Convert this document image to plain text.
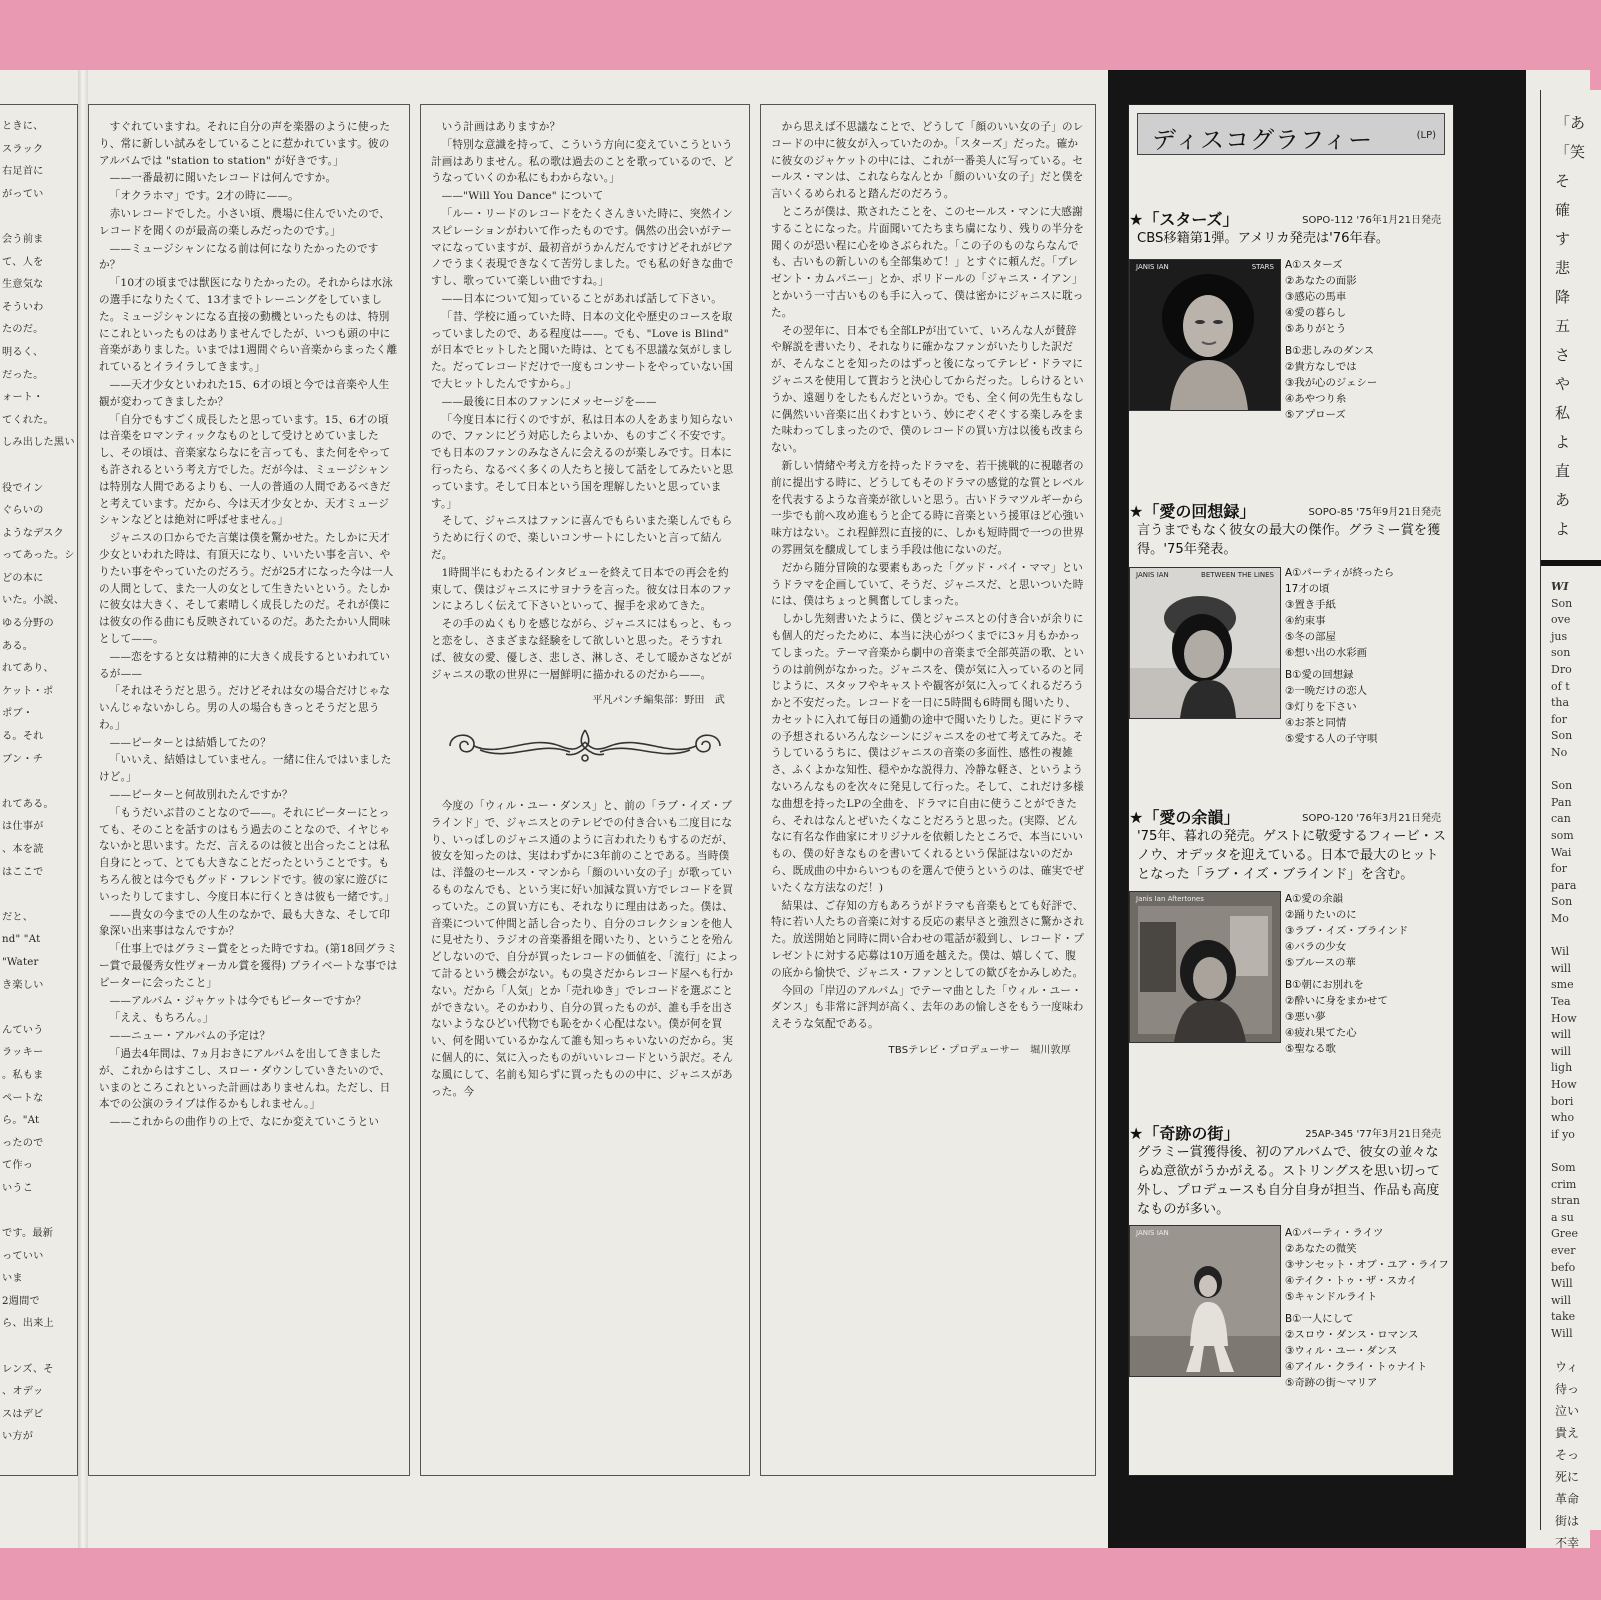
ときに、
スラック
右足首に
がってい
会う前ま
て、人を
生意気な
そういわ
たのだ。
明るく、
だった。
ォート・
てくれた。
しみ出した黒い
役でイン
ぐらいの
ようなデスク
ってあった。シ
どの本に
いた。小説、
ゆる分野の
ある。
れてあり、
ケット・ポ
ポブ・
る。それ
ブン・チ
れてある。
は仕事が
、本を読
はここで
だと、
nd" "At
"Water
き楽しい
んていう
ラッキー
。私もま
ペートな
ら。"At
ったので
て作っ
いうこ
です。最新
っていい
いま
2週間で
ら、出来上
レンズ、そ
、オデッ
スはデビ
い方が

すぐれていますね。それに自分の声を楽器のように使ったり、常に新しい試みをしていることに惹かれています。彼のアルバムでは "station to station" が好きです。」

——一番最初に聞いたレコードは何んですか。

「オクラホマ」です。2才の時に——。

赤いレコードでした。小さい頃、農場に住んでいたので、レコードを聞くのが最高の楽しみだったのです。」

——ミュージシャンになる前は何になりたかったのですか？

「10才の頃までは獣医になりたかったの。それからは水泳の選手になりたくて、13才までトレーニングをしていました。ミュージシャンになる直接の動機といったものは、特別にこれといったものはありませんでしたが、いつも頭の中に音楽がありました。いまでは1週間ぐらい音楽からまったく離れているとイライラしてきます。」

——天才少女といわれた15、6才の頃と今では音楽や人生観が変わってきましたか？

「自分でもすごく成長したと思っています。15、6才の頃は音楽をロマンティックなものとして受けとめていましたし、その頃は、音楽家ならなにを言っても、また何をやっても許されるという考え方でした。だが今は、ミュージシャンは特別な人間であるよりも、一人の普通の人間であるべきだと考えています。だから、今は天才少女とか、天才ミュージシャンなどとは絶対に呼ばせません。」

ジャニスの口からでた言葉は僕を驚かせた。たしかに天才少女といわれた時は、有頂天になり、いいたい事を言い、やりたい事をやっていたのだろう。だが25才になった今は一人の人間として、また一人の女として生きたいという。たしかに彼女は大きく、そして素晴しく成長したのだ。それが僕には彼女の作る曲にも反映されているのだ。あたたかい人間味として——。

——恋をすると女は精神的に大きく成長するといわれているが——

「それはそうだと思う。だけどそれは女の場合だけじゃないんじゃないかしら。男の人の場合もきっとそうだと思うわ。」

——ピーターとは結婚してたの？

「いいえ、結婚はしていません。一緒に住んではいましたけど。」

——ピーターと何故別れたんですか？

「もうだいぶ昔のことなので——。それにピーターにとっても、そのことを話すのはもう過去のことなので、イヤじゃないかと思います。ただ、言えるのは彼と出合ったことは私自身にとって、とても大きなことだったということです。もちろん彼とは今でもグッド・フレンドです。彼の家に遊びにいったりしてますし、今度日本に行くときは彼も一緒です。」

——貴女の今までの人生のなかで、最も大きな、そして印象深い出来事はなんですか？

「仕事上ではグラミー賞をとった時ですね。(第18回グラミー賞で最優秀女性ヴォーカル賞を獲得) プライベートな事ではピーターに会ったこと」

——アルバム・ジャケットは今でもピーターですか？

「ええ、もちろん。」

——ニュー・アルバムの予定は？

「過去4年間は、7ヵ月おきにアルバムを出してきましたが、これからはすこし、スロー・ダウンしていきたいので、いまのところこれといった計画はありませんね。ただし、日本での公演のライブは作るかもしれません。」

——これからの曲作りの上で、なにか変えていこうとい

いう計画はありますか？

「特別な意識を持って、こういう方向に変えていこうという計画はありません。私の歌は過去のことを歌っているので、どうなっていくのか私にもわからない。」

——"Will You Dance" について

「ルー・リードのレコードをたくさんきいた時に、突然インスピレーションがわいて作ったものです。偶然の出会いがテーマになっていますが、最初音がうかんだんですけどそれがピアノでうまく表現できなくて苦労しました。でも私の好きな曲ですし、歌っていて楽しい曲ですね。」

——日本について知っていることがあれば話して下さい。

「昔、学校に通っていた時、日本の文化や歴史のコースを取っていましたので、ある程度は——。でも、"Love is Blind" が日本でヒットしたと聞いた時は、とても不思議な気がしました。だってレコードだけで一度もコンサートをやっていない国で大ヒットしたんですから。」

——最後に日本のファンにメッセージを——

「今度日本に行くのですが、私は日本の人をあまり知らないので、ファンにどう対応したらよいか、ものすごく不安です。でも日本のファンのみなさんに会えるのが楽しみです。日本に行ったら、なるべく多くの人たちと接して話をしてみたいと思っています。そして日本という国を理解したいと思っています。」

そして、ジャニスはファンに喜んでもらいまた楽しんでもらうために行くので、楽しいコンサートにしたいと言って結んだ。

1時間半にもわたるインタビューを終えて日本での再会を約束して、僕はジャニスにサヨナラを言った。彼女は日本のファンによろしく伝えて下さいといって、握手を求めてきた。

その手のぬくもりを感じながら、ジャニスにはもっと、もっと恋をし、さまざまな経験をして欲しいと思った。そうすれば、彼女の愛、優しさ、悲しさ、淋しさ、そして暖かさなどがジャニスの歌の世界に一層鮮明に描かれるのだから——。

平凡パンチ編集部：野田　武

今度の「ウィル・ユー・ダンス」と、前の「ラブ・イズ・ブラインド」で、ジャニスとのテレビでの付き合いも二度目になり、いっぱしのジャニス通のように言われたりもするのだが、彼女を知ったのは、実はわずかに3年前のことである。当時僕は、洋盤のセールス・マンから「顔のいい女の子」が歌っているものなんでも、という実に好い加減な買い方でレコードを買っていた。この買い方にも、それなりに理由はあった。僕は、音楽について仲間と話し合ったり、自分のコレクションを他人に見せたり、ラジオの音楽番組を聞いたり、ということを殆んどしないので、自分が買ったレコードの価値を、「流行」によって計るという機会がない。もの臭さだからレコード屋へも行かない。だから「人気」とか「売れゆき」でレコードを選ぶことができない。そのかわり、自分の買ったものが、誰も手を出さないようなひどい代物でも恥をかく心配はない。僕が何を買い、何を聞いているかなんて誰も知っちゃいないのだから。実に個人的に、気に入ったものがいいレコードという訳だ。そんな風にして、名前も知らずに買ったものの中に、ジャニスがあった。今

から思えば不思議なことで、どうして「顔のいい女の子」のレコードの中に彼女が入っていたのか。「スターズ」だった。確かに彼女のジャケットの中には、これが一番美人に写っている。セールス・マンは、これならなんとか「顔のいい女の子」だと僕を言いくるめられると踏んだのだろう。

ところが僕は、欺されたことを、このセールス・マンに大感謝することになった。片面聞いてたちまち虜になり、残りの半分を聞くのが恐い程に心をゆさぶられた。「この子のものならなんでも、古いもの新しいのも全部集めて！」とすぐに頼んだ。「プレゼント・カムパニー」とか、ポリドールの「ジャニス・イアン」とかいう一寸古いものも手に入って、僕は密かにジャニスに耽った。

その翌年に、日本でも全部LPが出ていて、いろんな人が賛辞や解説を書いたり、それなりに確かなファンがいたりした訳だが、そんなことを知ったのはずっと後になってテレビ・ドラマにジャニスを使用して貰おうと決心してからだった。しらけるというか、遠廻りをしたもんだというか。でも、全く何の先生もなしに偶然いい音楽に出くわすという、妙にぞくぞくする楽しみをまた味わってしまったので、僕のレコードの買い方は以後も改まらない。

新しい情緒や考え方を持ったドラマを、若干挑戦的に視聴者の前に提出する時に、どうしてもそのドラマの感覚的な質とレベルを代表するような音楽が欲しいと思う。古いドラマツルギーから一歩でも前へ攻め進もうと企てる時に音楽という援軍ほど心強い味方はない。これ程鮮烈に直接的に、しかも短時間で一つの世界の雰囲気を醸成してしまう手段は他にないのだ。

だから随分冒険的な要素もあった「グッド・バイ・ママ」というドラマを企画していて、そうだ、ジャニスだ、と思いついた時には、僕はちょっと興奮してしまった。

しかし先刻書いたように、僕とジャニスとの付き合いが余りにも個人的だったために、本当に決心がつくまでに3ヶ月もかかってしまった。テーマ音楽から劇中の音楽まで全部英語の歌、というのは前例がなかった。ジャニスを、僕が気に入っているのと同じように、スタッフやキャストや観客が気に入ってくれるだろうかと不安だった。レコードを一日に5時間も6時間も聞いたり、カセットに入れて毎日の通勤の途中で聞いたりした。更にドラマの予想されるいろんなシーンにジャニスをのせて考えてみた。そうしているうちに、僕はジャニスの音楽の多面性、感性の複雑さ、ふくよかな知性、穏やかな説得力、冷静な軽さ、というようないろんなものを次々に発見して行った。そして、これだけ多様な曲想を持ったLPの全曲を、ドラマに自由に使うことができたら、それはなんとぜいたくなことだろうと思った。(実際、どんなに有名な作曲家にオリジナルを依頼したところで、本当にいいもの、僕の好きなものを書いてくれるという保証はないのだから、既成曲の中からいつものを選んで使うというのは、確実でぜいたくな方法なのだ！)

結果は、ご存知の方もあろうがドラマも音楽もとても好評で、特に若い人たちの音楽に対する反応の素早さと強烈さに驚かされた。放送開始と同時に問い合わせの電話が殺到し、レコード・プレゼントに対する応募は10万通を越えた。僕は、嬉しくて、腹の底から愉快で、ジャニス・ファンとしての歓びをかみしめた。

今回の「岸辺のアルバム」でテーマ曲とした「ウィル・ユー・ダンス」も非常に評判が高く、去年のあの愉しさをもう一度味わえそうな気配である。

TBSテレビ・プロデューサー　堀川敦厚
ディスコグラフィー	(LP)
★「スターズ」	SOPO-112 '76年1月21日発売
CBS移籍第1弾。アメリカ発売は'76年春。
JANIS IAN	STARS A①スターズ
②あなたの面影
③感応の馬車
④愛の暮らし
⑤ありがとう
B①悲しみのダンス
②貴方なしでは
③我が心のジェシー
④あやつり糸
⑤アプローズ
★「愛の回想録」	SOPO-85 '75年9月21日発売
言うまでもなく彼女の最大の傑作。グラミー賞を獲得。'75年発表。
JANIS IAN	BETWEEN THE LINES A①パーティが終ったら
17才の頃
③置き手紙
④約束事
⑤冬の部屋
⑥想い出の水彩画
B①愛の回想録
②一晩だけの恋人
③灯りを下さい
④お茶と同情
⑤愛する人の子守唄
★「愛の余韻」	SOPO-120 '76年3月21日発売
'75年、暮れの発売。ゲストに敬愛するフィービ・スノウ、オデッタを迎えている。日本で最大のヒットとなった「ラブ・イズ・ブラインド」を含む。
Janis Ian Aftertones	A①愛の余韻
②踊りたいのに
③ラブ・イズ・ブラインド
④バラの少女
⑤ブルースの華
B①朝にお別れを
②酔いに身をまかせて
③悪い夢
④疲れ果てた心
⑤聖なる歌
★「奇跡の街」	25AP-345 '77年3月21日発売
グラミー賞獲得後、初のアルバムで、彼女の並々ならぬ意欲がうかがえる。ストリングスを思い切って外し、プロデュースも自分自身が担当、作品も高度なものが多い。
JANIS IAN	A①パーティ・ライツ
②あなたの微笑
③サンセット・オブ・ユア・ライフ
④テイク・トゥ・ザ・スカイ
⑤キャンドルライト
B①一人にして
②スロウ・ダンス・ロマンス
③ウィル・ユー・ダンス
④アイル・クライ・トゥナイト
⑤奇跡の街～マリア
「あ
「笑
そ
確
す
悲
降
五
さ
や
私
よ
直
あ
よ
WI
Son
ove
jus
son
Dro
of t
tha
for
Son
No
Son
Pan
can
som
Wai
for
para
Son
Mo
Wil
will
sme
Tea
How
will
will
ligh
How
bori
who
if yo
Som
crim
stran
a su
Gree
ever
befo
Will
will
take
Will
ウィ
待っ
泣い
貴え
そっ
死に
革命
街は
不幸
